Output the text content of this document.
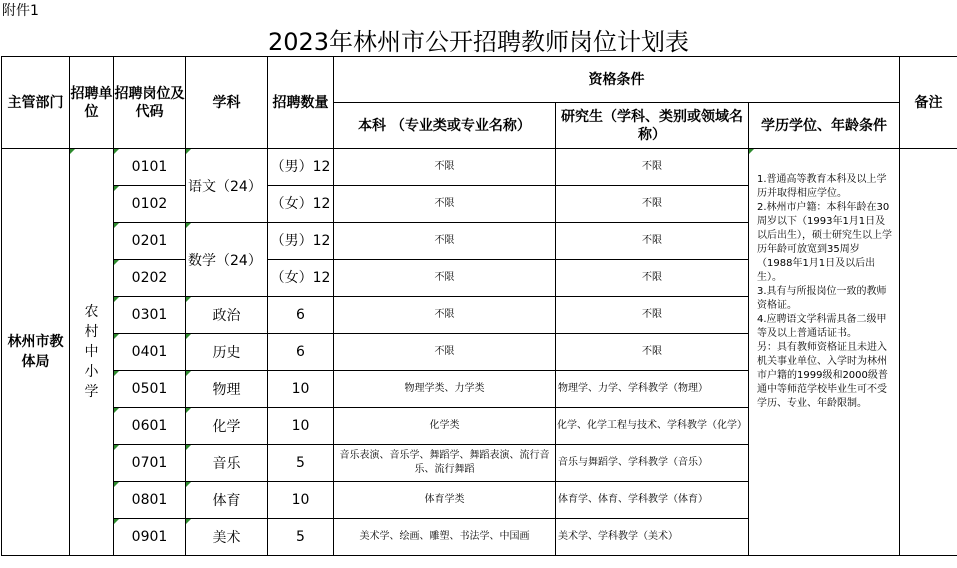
附件1
2023年林州市公开招聘教师岗位计划表
主管部门	招聘单位	招聘岗位及代码	学科	招聘数量	资格条件			备注
					本科 （专业类或专业名称）	研究生（学科、类别或领域名称）	学历学位、年龄条件	
林州市教体局	农村中小学	0101	语文（24）	（男）12	不限	不限	1.普通高等教育本科及以上学历并取得相应学位。

2.林州市户籍：本科年龄在30周岁以下（1993年1月1日及以后出生），硕士研究生以上学历年龄可放宽到35周岁（1988年1月1日及以后出生）。

3.具有与所报岗位一致的教师资格证。

4.应聘语文学科需具备二级甲等及以上普通话证书。

另：具有教师资格证且未进入机关事业单位、入学时为林州市户籍的1999级和2000级普通中等师范学校毕业生可不受学历、专业、年龄限制。	

		0102		（女）12	不限	不限		
		0201	数学（24）	（男）12	不限	不限		
		0202		（女）12	不限	不限		
		0301	政治	6	不限	不限		
		0401	历史	6	不限	不限		
		0501	物理	10	物理学类、力学类	物理学、力学、学科教学（物理）		
		0601	化学	10	化学类	化学、化学工程与技术、学科教学（化学）		
		0701	音乐	5	音乐表演、音乐学、舞蹈学、舞蹈表演、流行音乐、流行舞蹈	音乐与舞蹈学、学科教学（音乐）		
		0801	体育	10	体育学类	体育学、体育、学科教学（体育）		
		0901	美术	5	美术学、绘画、雕塑、书法学、中国画	美术学、学科教学（美术）		
